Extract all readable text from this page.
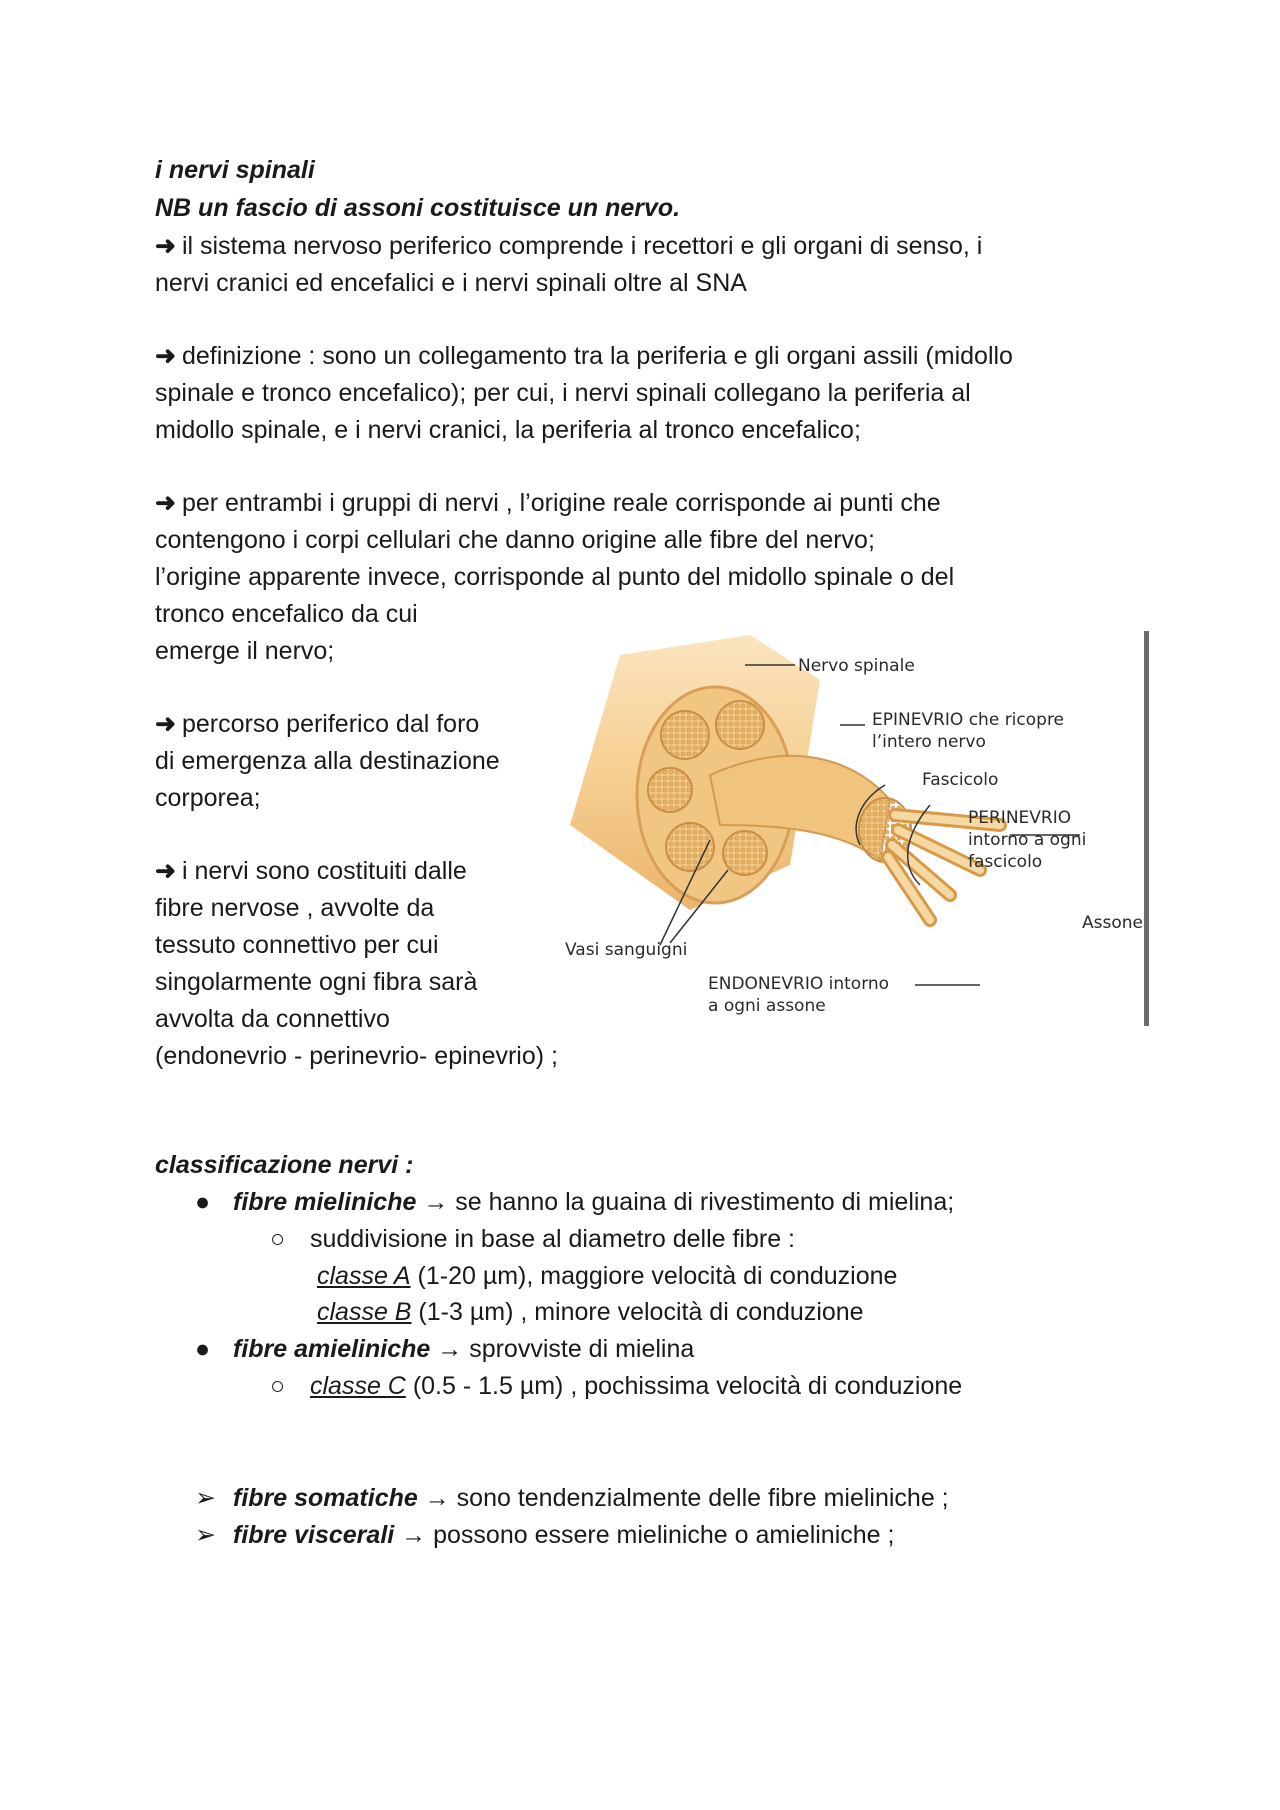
i nervi spinali
NB un fascio di assoni costituisce un nervo.
➜ il sistema nervoso periferico comprende i recettori e gli organi di senso, i
nervi cranici ed encefalici e i nervi spinali oltre al SNA
➜ definizione : sono un collegamento tra la periferia e gli organi assili (midollo
spinale e tronco encefalico); per cui, i nervi spinali collegano la periferia al
midollo spinale, e i nervi cranici, la periferia al tronco encefalico;
➜ per entrambi i gruppi di nervi , l’origine reale corrisponde ai punti che
contengono i corpi cellulari che danno origine alle fibre del nervo;
l’origine apparente invece, corrisponde al punto del midollo spinale o del
tronco encefalico da cui
emerge il nervo;
➜ percorso periferico dal foro
di emergenza alla destinazione
corporea;
➜ i nervi sono costituiti dalle
fibre nervose , avvolte da
tessuto connettivo per cui
singolarmente ogni fibra sarà
avvolta da connettivo
(endonevrio - perinevrio- epinevrio) ;
Nervo spinale
EPINEVRIO che ricopre
l’intero nervo
Fascicolo
PERINEVRIO
intorno a ogni
fascicolo
Assone
Vasi sanguigni
ENDONEVRIO intorno
a ogni assone
classificazione nervi :
● fibre mieliniche → se hanno la guaina di rivestimento di mielina;
○ suddivisione in base al diametro delle fibre :
classe A (1-20 µm), maggiore velocità di conduzione
classe B (1-3 µm) , minore velocità di conduzione
● fibre amieliniche → sprovviste di mielina
○ classe C (0.5 - 1.5 µm) , pochissima velocità di conduzione
➢ fibre somatiche → sono tendenzialmente delle fibre mieliniche ;
➢ fibre viscerali → possono essere mieliniche o amieliniche ;
